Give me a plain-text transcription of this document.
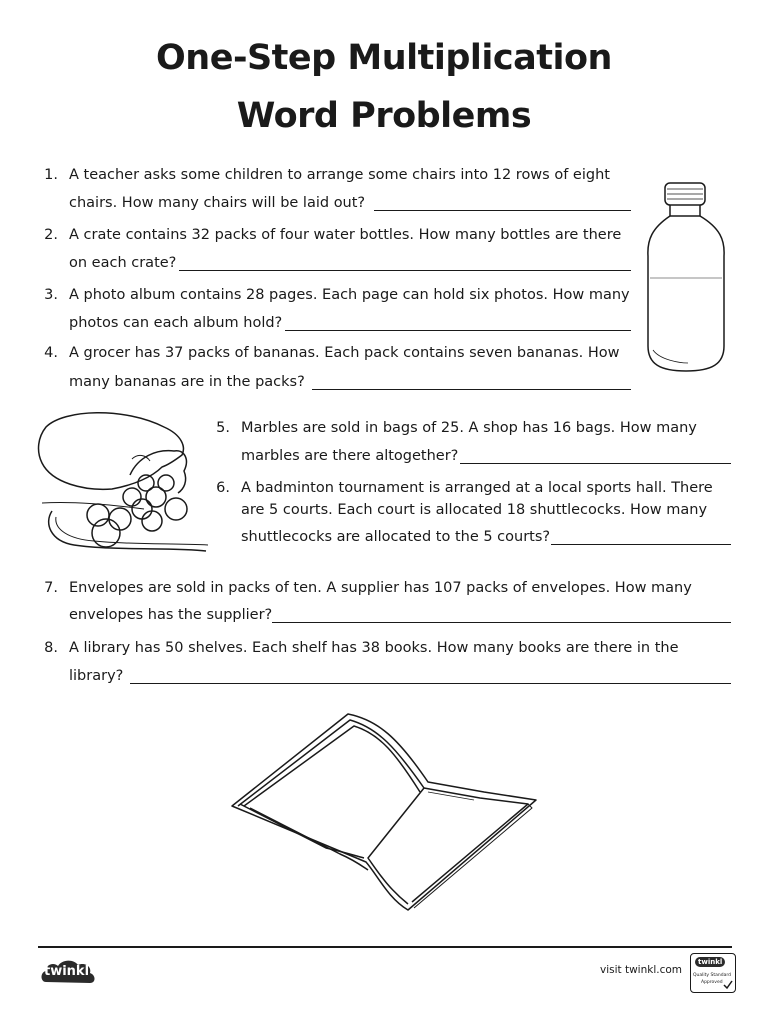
One-Step Multiplication
Word Problems
1. A teacher asks some children to arrange some chairs into 12 rows of eight
chairs. How many chairs will be laid out?
2. A crate contains 32 packs of four water bottles. How many bottles are there
on each crate?
3. A photo album contains 28 pages. Each page can hold six photos. How many
photos can each album hold?
4. A grocer has 37 packs of bananas. Each pack contains seven bananas. How
many bananas are in the packs?
5. Marbles are sold in bags of 25. A shop has 16 bags. How many
marbles are there altogether?
6. A badminton tournament is arranged at a local sports hall. There
are 5 courts. Each court is allocated 18 shuttlecocks. How many
shuttlecocks are allocated to the 5 courts?
7. Envelopes are sold in packs of ten. A supplier has 107 packs of envelopes. How many
envelopes has the supplier?
8. A library has 50 shelves. Each shelf has 38 books. How many books are there in the
library?
twinkl	visit twinkl.com
twinkl
Quality Standard
Approved
